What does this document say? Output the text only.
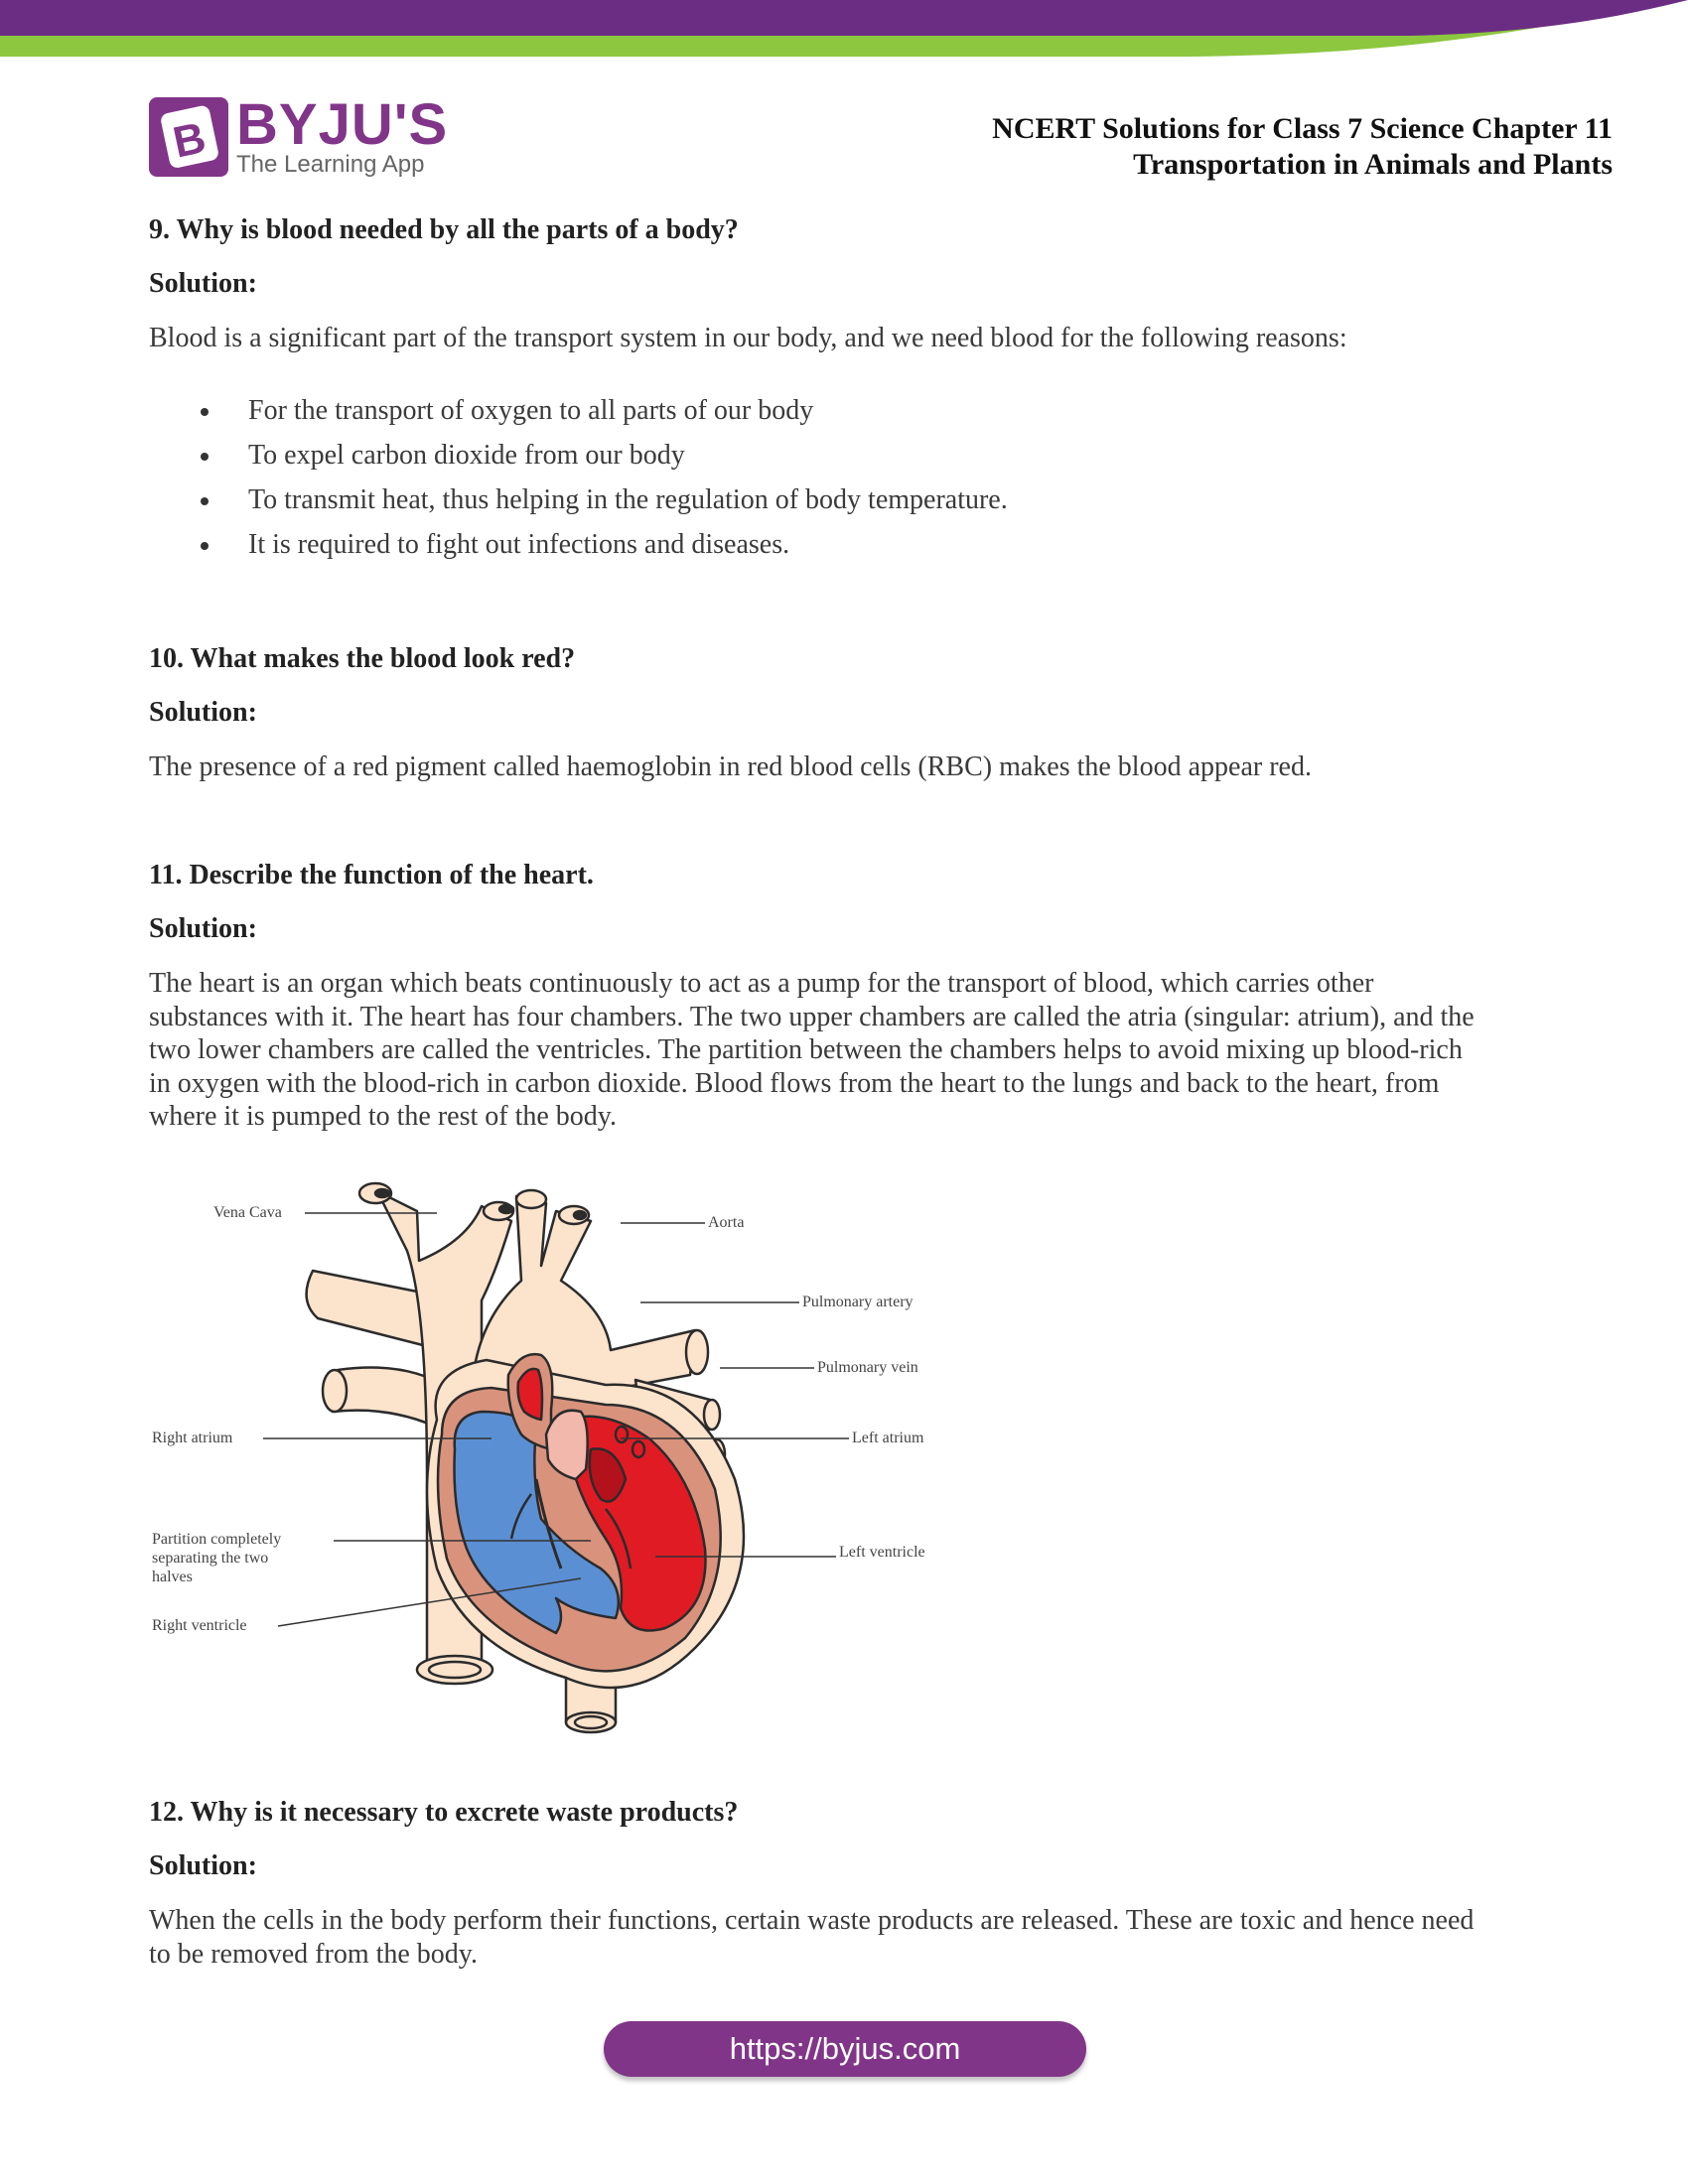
B BYJU'S
The Learning App
NCERT Solutions for Class 7 Science Chapter 11
Transportation in Animals and Plants
9. Why is blood needed by all the parts of a body?
Solution:
Blood is a significant part of the transport system in our body, and we need blood for the following reasons:
For the transport of oxygen to all parts of our body
To expel carbon dioxide from our body
To transmit heat, thus helping in the regulation of body temperature.
It is required to fight out infections and diseases.
10. What makes the blood look red?
Solution:
The presence of a red pigment called haemoglobin in red blood cells (RBC) makes the blood appear red.
11. Describe the function of the heart.
Solution:
The heart is an organ which beats continuously to act as a pump for the transport of blood, which carries other
substances with it. The heart has four chambers. The two upper chambers are called the atria (singular: atrium), and the
two lower chambers are called the ventricles. The partition between the chambers helps to avoid mixing up blood-rich
in oxygen with the blood-rich in carbon dioxide. Blood flows from the heart to the lungs and back to the heart, from
where it is pumped to the rest of the body.
Vena Cava
Aorta
Pulmonary artery
Pulmonary vein
Right atrium	Left atrium
Partition completely
separating the two
halves
Left ventricle
Right ventricle
12. Why is it necessary to excrete waste products?
Solution:
When the cells in the body perform their functions, certain waste products are released. These are toxic and hence need
to be removed from the body.
https://byjus.com
